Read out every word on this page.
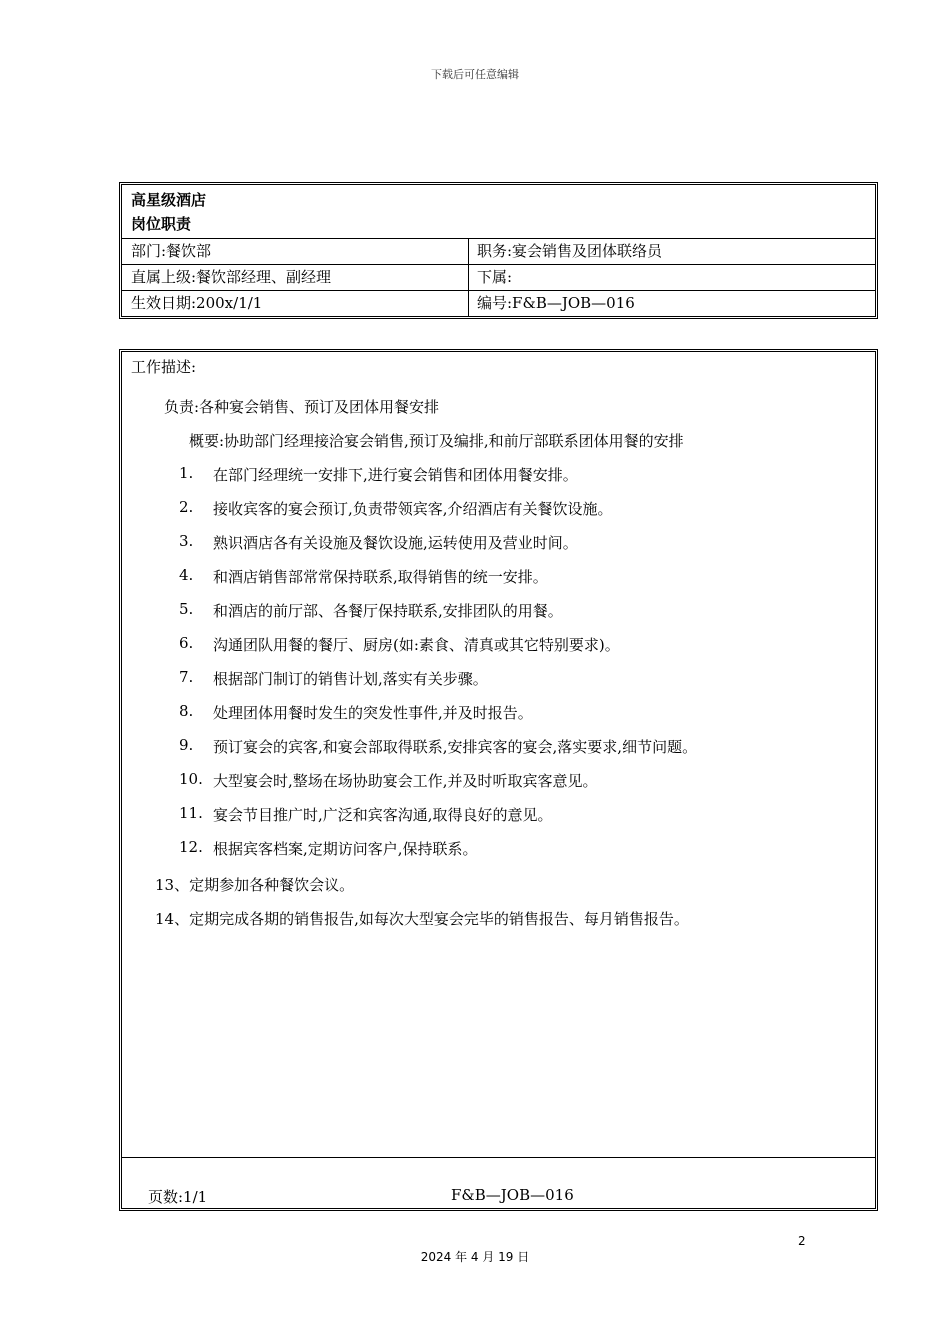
下载后可任意编辑
高星级酒店
岗位职责
部门:餐饮部	职务:宴会销售及团体联络员
直属上级:餐饮部经理、副经理	下属:
生效日期:200x/1/1	编号:F&B—JOB—016
工作描述:
负责:各种宴会销售、预订及团体用餐安排
概要:协助部门经理接洽宴会销售,预订及编排,和前厅部联系团体用餐的安排
1.	在部门经理统一安排下,进行宴会销售和团体用餐安排。
2.	接收宾客的宴会预订,负责带领宾客,介绍酒店有关餐饮设施。
3.	熟识酒店各有关设施及餐饮设施,运转使用及营业时间。
4.	和酒店销售部常常保持联系,取得销售的统一安排。
5.	和酒店的前厅部、各餐厅保持联系,安排团队的用餐。
6.	沟通团队用餐的餐厅、厨房(如:素食、清真或其它特别要求)。
7.	根据部门制订的销售计划,落实有关步骤。
8.	处理团体用餐时发生的突发性事件,并及时报告。
9.	预订宴会的宾客,和宴会部取得联系,安排宾客的宴会,落实要求,细节问题。
10. 大型宴会时,整场在场协助宴会工作,并及时听取宾客意见。
11. 宴会节目推广时,广泛和宾客沟通,取得良好的意见。
12. 根据宾客档案,定期访问客户,保持联系。
13、定期参加各种餐饮会议。
14、定期完成各期的销售报告,如每次大型宴会完毕的销售报告、每月销售报告。
页数:1/1	F&B—JOB—016
2
2024 年 4 月 19 日
